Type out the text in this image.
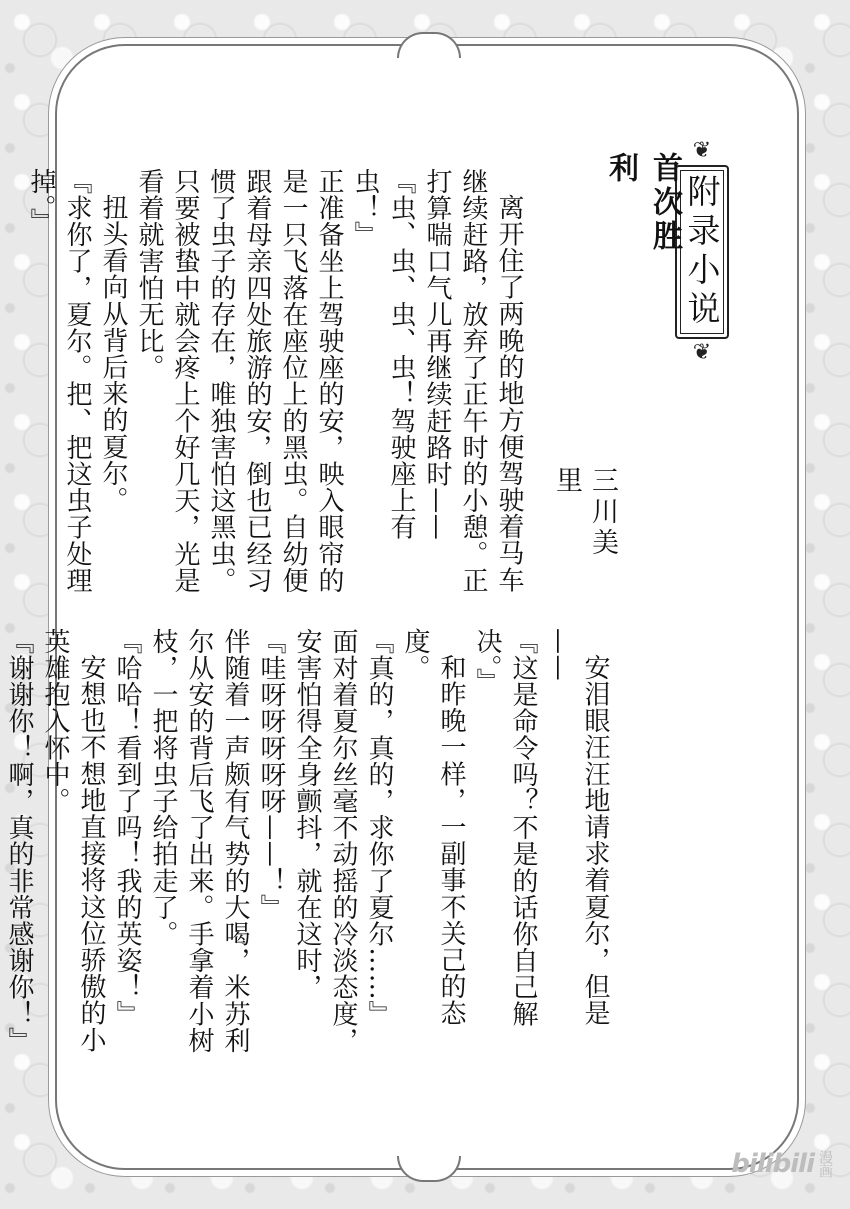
❦
附录小说
❦
首次胜利
三川美里

离开住了两晚的地方便驾驶着马车继续赶路，放弃了正午时的小憩。正打算喘口气儿再继续赶路时——

『虫、虫、虫、虫！驾驶座上有虫！』

正准备坐上驾驶座的安，映入眼帘的是一只飞落在座位上的黑虫。自幼便跟着母亲四处旅游的安，倒也已经习惯了虫子的存在，唯独害怕这黑虫。只要被蛰中就会疼上个好几天，光是看着就害怕无比。

扭头看向从背后来的夏尔。

『求你了，夏尔。把、把这虫子处理掉。』

安泪眼汪汪地请求着夏尔，但是——

『这是命令吗？不是的话你自己解决。』

和昨晚一样，一副事不关己的态度。

『真的，真的，求你了夏尔……』

面对着夏尔丝毫不动摇的冷淡态度，安害怕得全身颤抖，就在这时，

『哇呀呀呀呀呀——！』

伴随着一声颇有气势的大喝，米苏利尔从安的背后飞了出来。手拿着小树枝，一把将虫子给拍走了。

『哈哈！看到了吗！我的英姿！』

安想也不想地直接将这位骄傲的小英雄抱入怀中。

『谢谢你！啊，真的非常感谢你！』

bilibili 漫画
